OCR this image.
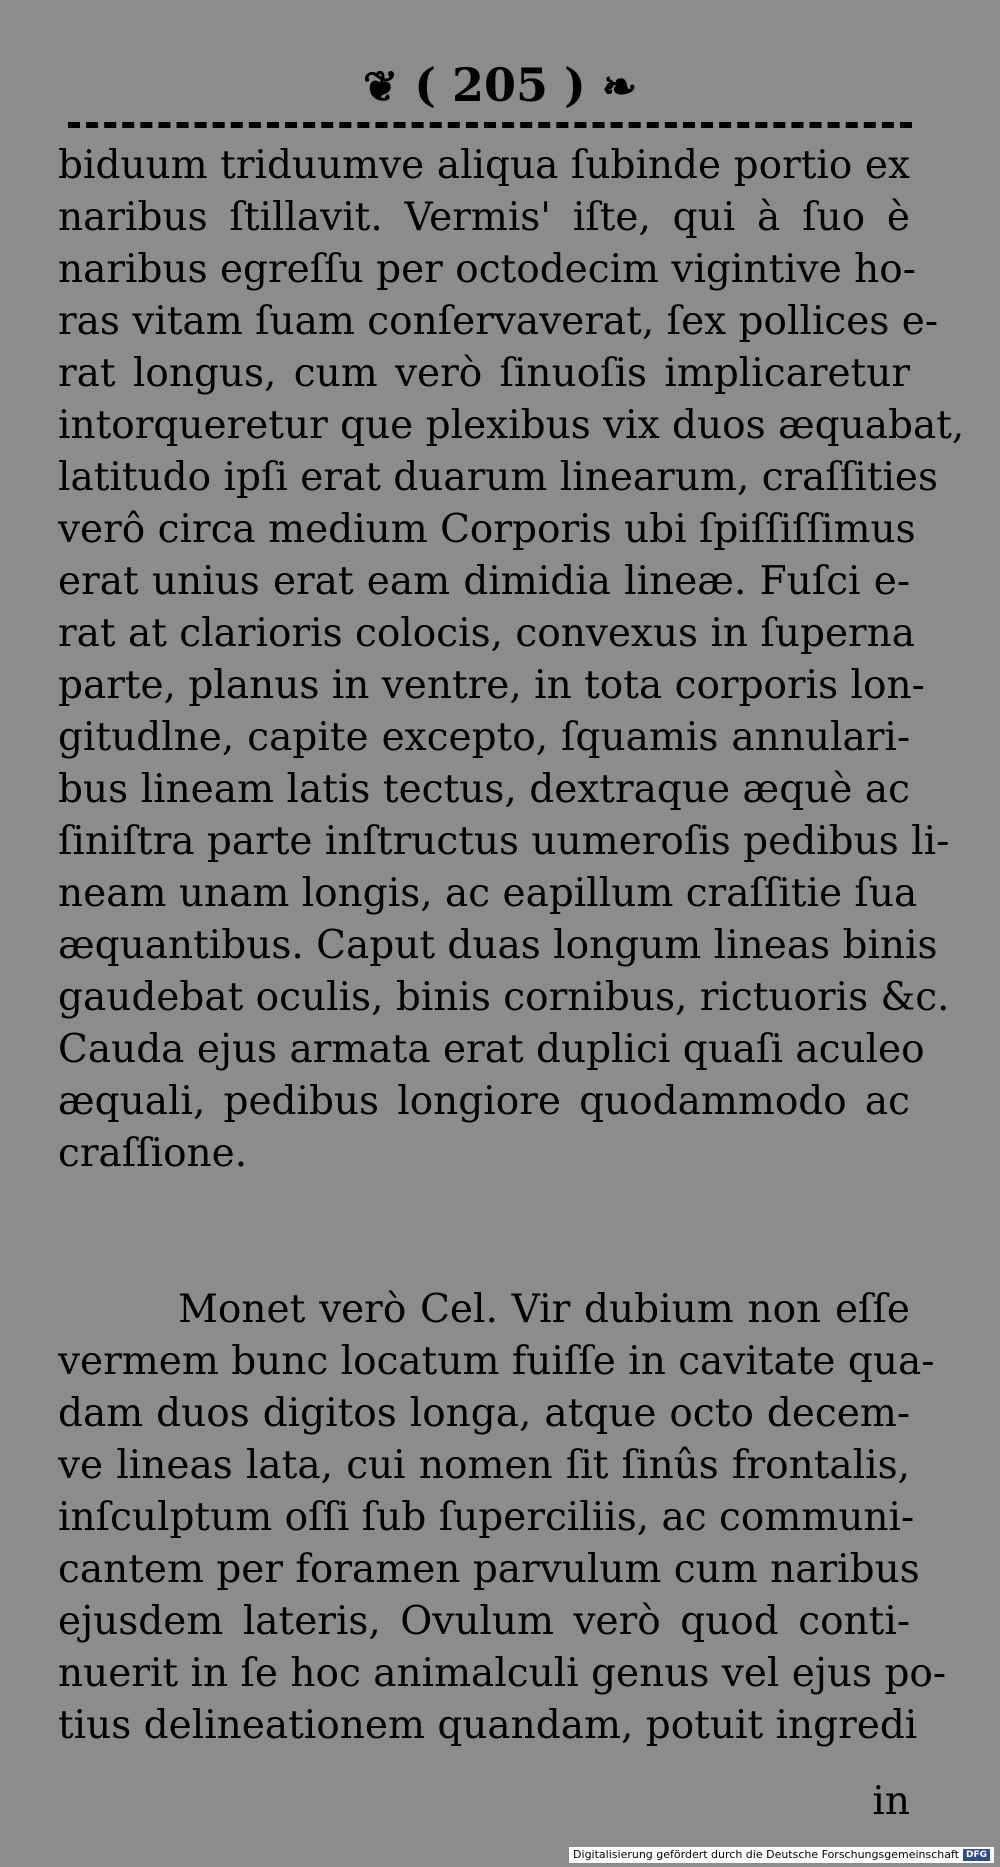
❦ ( 205 ) ❧
biduum triduumve aliqua ſubinde portio ex
naribus ſtillavit. Vermis' iſte, qui à ſuo è
naribus egreſſu per octodecim vigintive ho-
ras vitam ſuam conſervaverat, ſex pollices e-
rat longus, cum verò ſinuoſis implicaretur
intorqueretur que plexibus vix duos æquabat,
latitudo ipſi erat duarum linearum, craſſities
verô circa medium Corporis ubi ſpiſſiſſimus
erat unius erat eam dimidia lineæ. Fuſci e-
rat at clarioris colocis, convexus in ſuperna
parte, planus in ventre, in tota corporis lon-
gitudlne, capite excepto, ſquamis annulari-
bus lineam latis tectus, dextraque æquè ac
ſiniſtra parte inſtructus uumeroſis pedibus li-
neam unam longis, ac eapillum craſſitie ſua
æquantibus. Caput duas longum lineas binis
gaudebat oculis, binis cornibus, rictuoris &c.
Cauda ejus armata erat duplici quaſi aculeo
æquali, pedibus longiore quodammodo ac
craſſione.
Monet verò Cel. Vir dubium non eſſe
vermem bunc locatum fuiſſe in cavitate qua-
dam duos digitos longa, atque octo decem-
ve lineas lata, cui nomen ſit ſinûs frontalis,
inſculptum oſſi ſub ſuperciliis, ac communi-
cantem per foramen parvulum cum naribus
ejusdem lateris, Ovulum verò quod conti-
nuerit in ſe hoc animalculi genus vel ejus po-
tius delineationem quandam, potuit ingredi
in
Digitalisierung gefördert durch die Deutsche Forschungsgemeinschaft DFG
